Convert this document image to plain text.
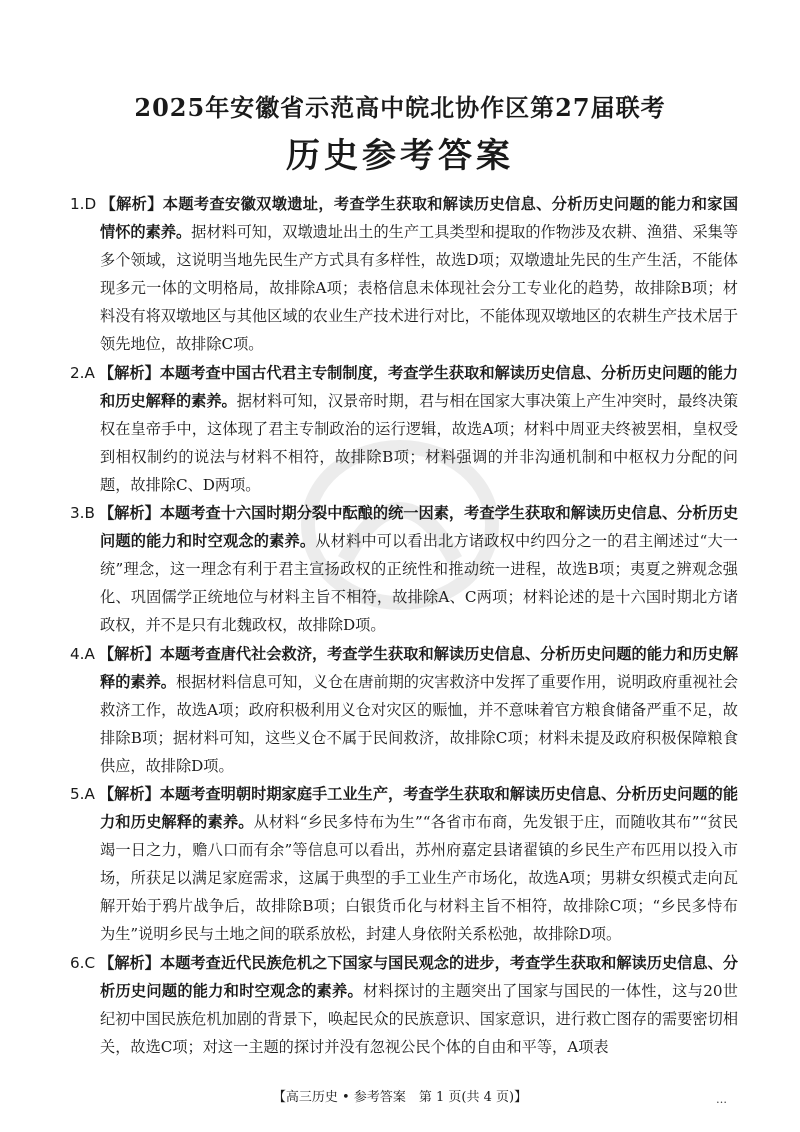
2025年安徽省示范高中皖北协作区第27届联考
历史参考答案

1.D 【解析】本题考查安徽双墩遗址，考查学生获取和解读历史信息、分析历史问题的能力和家国情怀的素养。据材料可知，双墩遗址出土的生产工具类型和提取的作物涉及农耕、渔猎、采集等多个领域，这说明当地先民生产方式具有多样性，故选D项；双墩遗址先民的生产生活，不能体现多元一体的文明格局，故排除A项；表格信息未体现社会分工专业化的趋势，故排除B项；材料没有将双墩地区与其他区域的农业生产技术进行对比，不能体现双墩地区的农耕生产技术居于领先地位，故排除C项。

2.A 【解析】本题考查中国古代君主专制制度，考查学生获取和解读历史信息、分析历史问题的能力和历史解释的素养。据材料可知，汉景帝时期，君与相在国家大事决策上产生冲突时，最终决策权在皇帝手中，这体现了君主专制政治的运行逻辑，故选A项；材料中周亚夫终被罢相，皇权受到相权制约的说法与材料不相符，故排除B项；材料强调的并非沟通机制和中枢权力分配的问题，故排除C、D两项。

3.B 【解析】本题考查十六国时期分裂中酝酿的统一因素，考查学生获取和解读历史信息、分析历史问题的能力和时空观念的素养。从材料中可以看出北方诸政权中约四分之一的君主阐述过“大一统”理念，这一理念有利于君主宣扬政权的正统性和推动统一进程，故选B项；夷夏之辨观念强化、巩固儒学正统地位与材料主旨不相符，故排除A、C两项；材料论述的是十六国时期北方诸政权，并不是只有北魏政权，故排除D项。

4.A 【解析】本题考查唐代社会救济，考查学生获取和解读历史信息、分析历史问题的能力和历史解释的素养。根据材料信息可知，义仓在唐前期的灾害救济中发挥了重要作用，说明政府重视社会救济工作，故选A项；政府积极利用义仓对灾区的赈恤，并不意味着官方粮食储备严重不足，故排除B项；据材料可知，这些义仓不属于民间救济，故排除C项；材料未提及政府积极保障粮食供应，故排除D项。

5.A 【解析】本题考查明朝时期家庭手工业生产，考查学生获取和解读历史信息、分析历史问题的能力和历史解释的素养。从材料“乡民多恃布为生”“各省市布商，先发银于庄，而随收其布”“贫民竭一日之力，赡八口而有余”等信息可以看出，苏州府嘉定县诸翟镇的乡民生产布匹用以投入市场，所获足以满足家庭需求，这属于典型的手工业生产市场化，故选A项；男耕女织模式走向瓦解开始于鸦片战争后，故排除B项；白银货币化与材料主旨不相符，故排除C项；“乡民多恃布为生”说明乡民与土地之间的联系放松，封建人身依附关系松弛，故排除D项。

6.C 【解析】本题考查近代民族危机之下国家与国民观念的进步，考查学生获取和解读历史信息、分析历史问题的能力和时空观念的素养。材料探讨的主题突出了国家与国民的一体性，这与20世纪初中国民族危机加剧的背景下，唤起民众的民族意识、国家意识，进行救亡图存的需要密切相关，故选C项；对这一主题的探讨并没有忽视公民个体的自由和平等，A项表

【高三历史 • 参考答案　第 1 页(共 4 页)】	…
